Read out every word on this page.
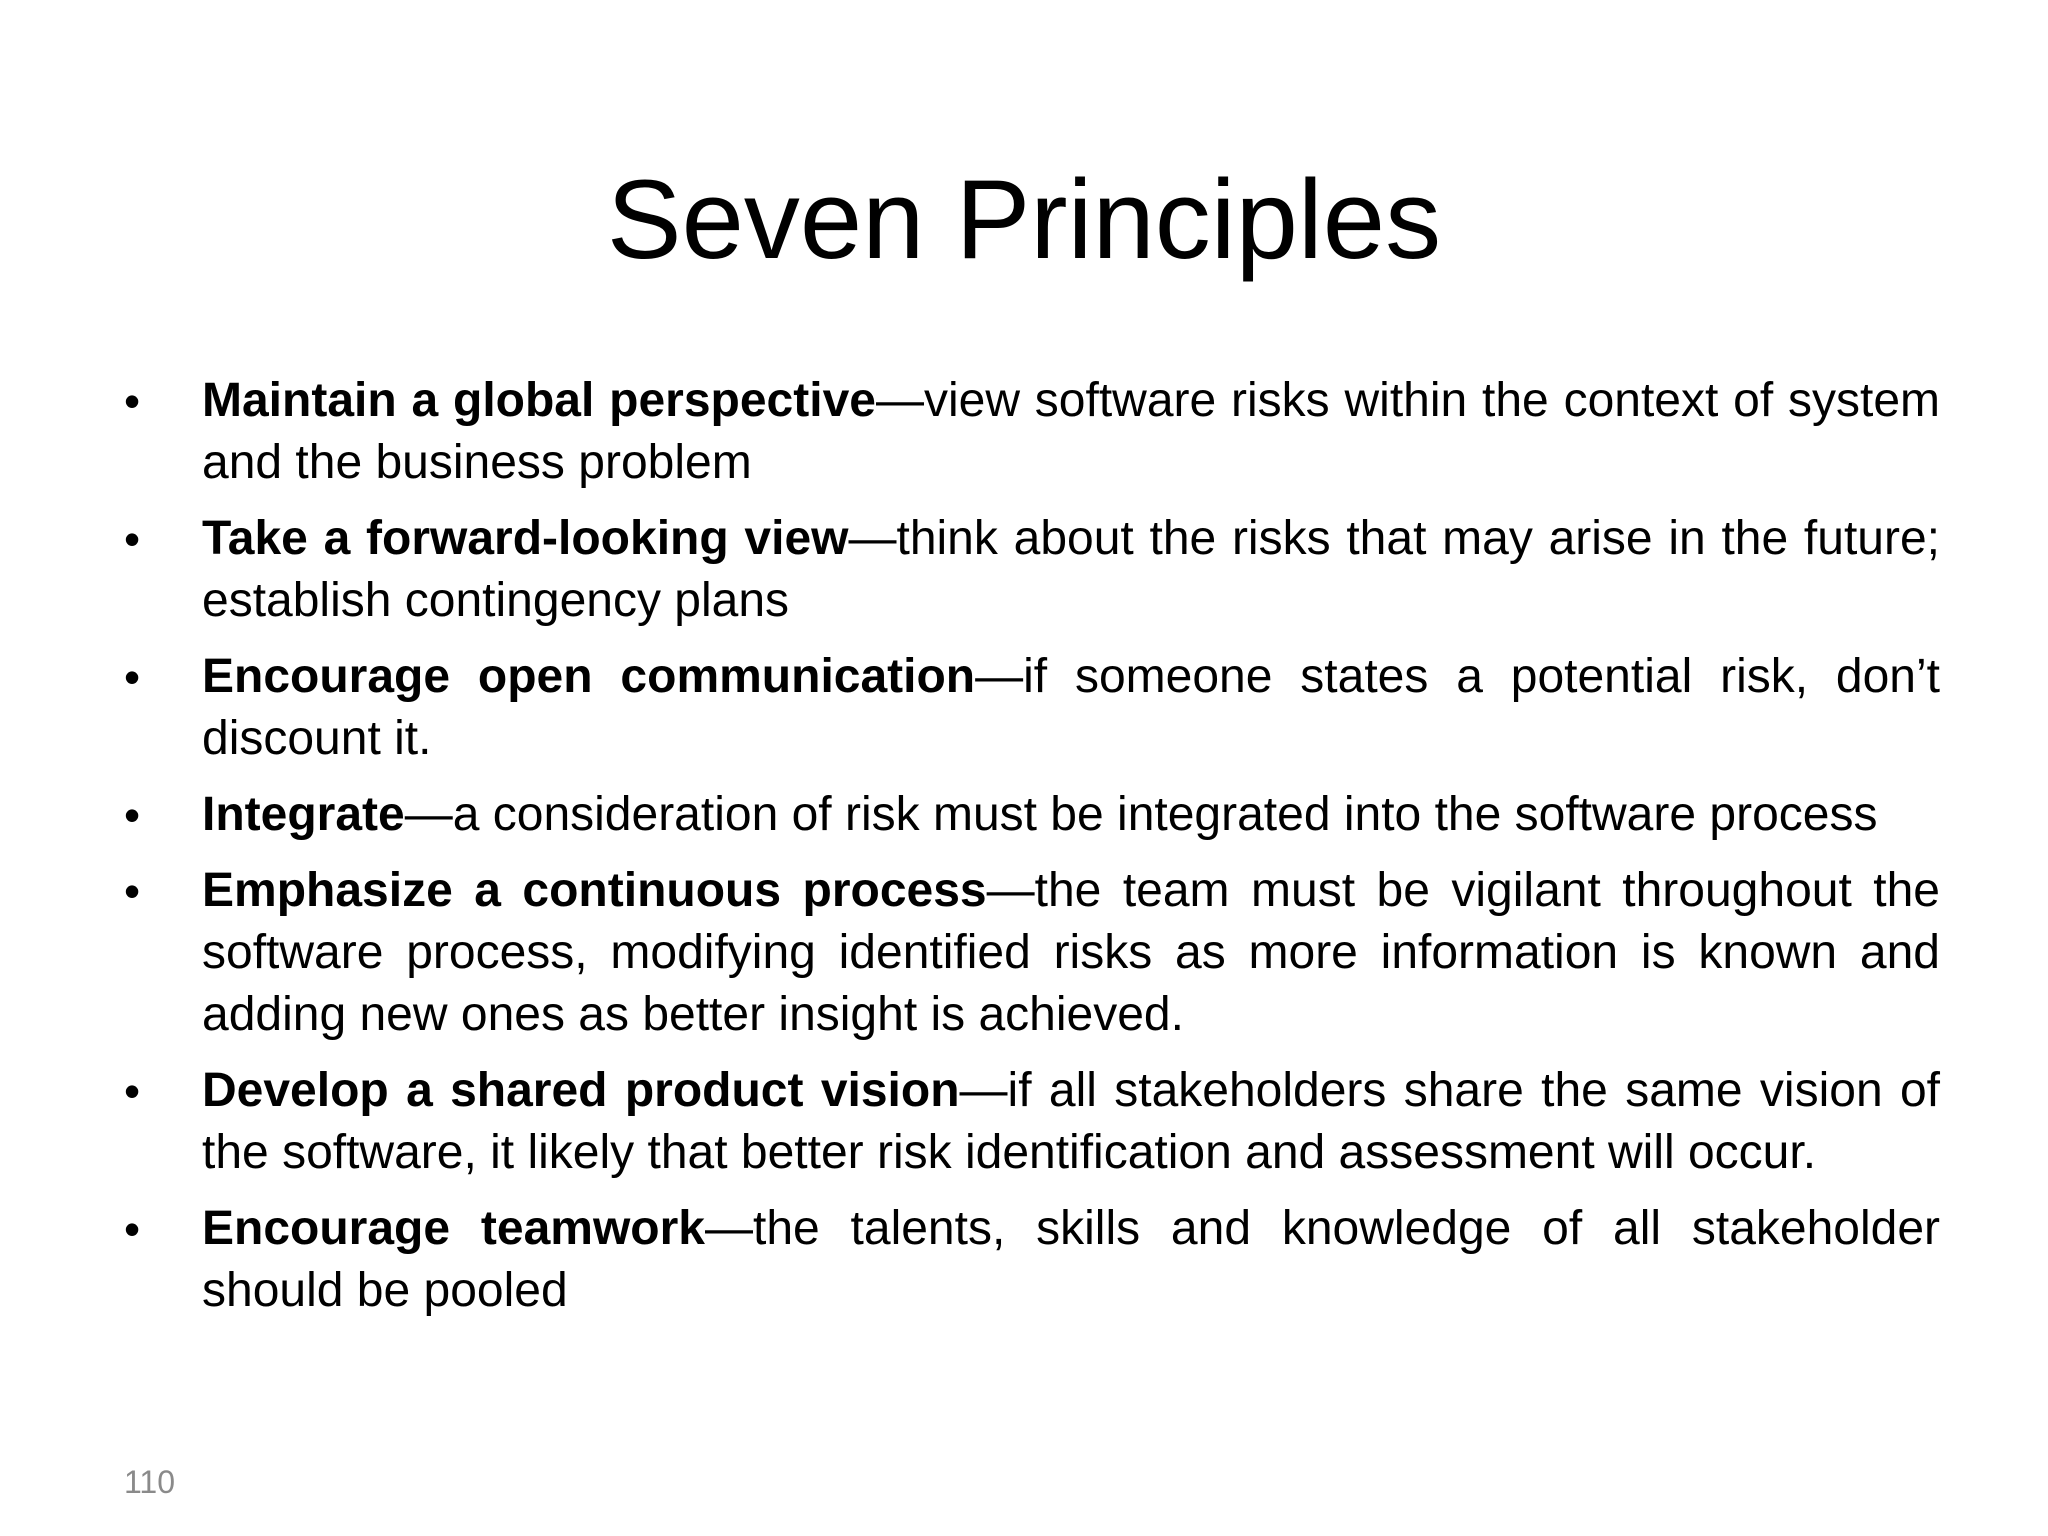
Seven Principles
• Maintain a global perspective—view software risks within the context of system and the business problem
• Take a forward-looking view—think about the risks that may arise in the future; establish contingency plans
• Encourage open communication—if someone states a potential risk, don’t discount it.
• Integrate—a consideration of risk must be integrated into the software process
• Emphasize a continuous process—the team must be vigilant throughout the software process, modifying identified risks as more information is known and adding new ones as better insight is achieved.
• Develop a shared product vision—if all stakeholders share the same vision of the software, it likely that better risk identification and assessment will occur.
• Encourage teamwork—the talents, skills and knowledge of all stakeholder should be pooled
110
